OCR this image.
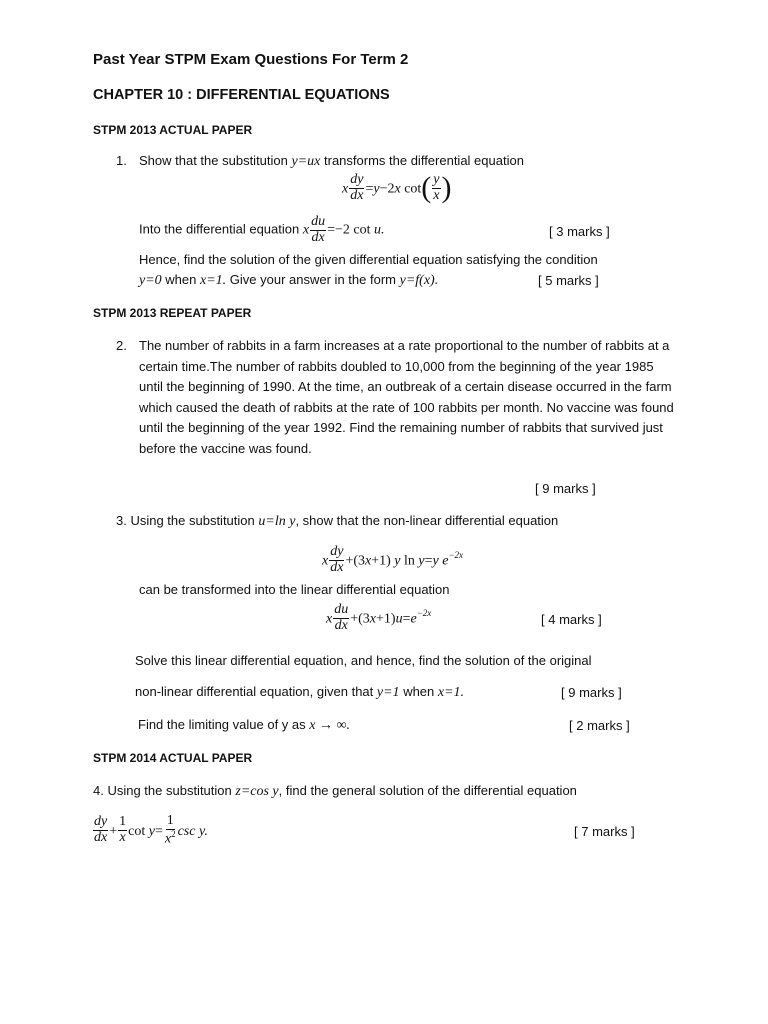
Past Year STPM Exam Questions For Term 2
CHAPTER 10 : DIFFERENTIAL EQUATIONS
STPM 2013 ACTUAL PAPER
1. Show that the substitution y=ux transforms the differential equation
x $\frac{dy}{dx} =y-2x$ $\cot( \frac{y}{x}$ )
Into the differential equation x $\frac{du}{dx} =-2$ cot u.	[ 3 marks ]
Hence, find the solution of the given differential equation satisfying the condition
y=0 when x=1. Give your answer in the form y=f(x).	[ 5 marks ]
STPM 2013 REPEAT PAPER
2. The number of rabbits in a farm increases at a rate proportional to the number of rabbits at a certain time.The number of rabbits doubled to 10,000 from the beginning of the year 1985 until the beginning of 1990. At the time, an outbreak of a certain disease occurred in the farm which caused the death of rabbits at the rate of 100 rabbits per month. No vaccine was found until the beginning of the year 1992. Find the remaining number of rabbits that survived just before the vaccine was found.
[ 9 marks ]
3. Using the substitution u=ln y, show that the non-linear differential equation
x $\frac{dy}{dx} +(3x+1)$ y ln y=y $e^{-2x}$
can be transformed into the linear differential equation
x $\frac{du}{dx} +(3x+1)u=e^{-2x}$	[ 4 marks ]
Solve this linear differential equation, and hence, find the solution of the original
non-linear differential equation, given that y=1 when x=1.	[ 9 marks ]
Find the limiting value of y as x → ∞.	[ 2 marks ]
STPM 2014 ACTUAL PAPER
4. Using the substitution z=cos y, find the general solution of the differential equation
$\frac{dy}{dx} + \frac{1}{x}$ $\cot y= \frac{1}{x^2}$ csc y.	[ 7 marks ]
